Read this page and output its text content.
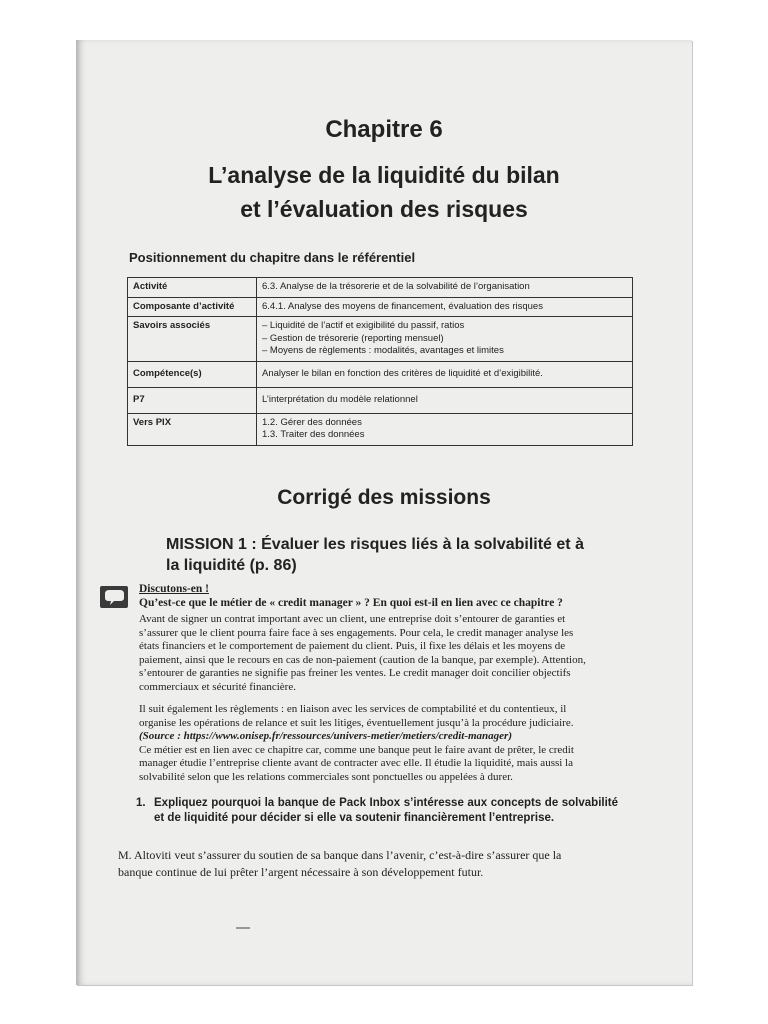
Chapitre 6
L’analyse de la liquidité du bilan
et l’évaluation des risques
Positionnement du chapitre dans le référentiel
Activité	6.3. Analyse de la trésorerie et de la solvabilité de l’organisation

Composante d’activité	6.4.1. Analyse des moyens de financement, évaluation des risques

Savoirs associés	– Liquidité de l’actif et exigibilité du passif, ratios
– Gestion de trésorerie (reporting mensuel)
– Moyens de règlements : modalités, avantages et limites

Compétence(s)	Analyser le bilan en fonction des critères de liquidité et d’exigibilité.

P7	L’interprétation du modèle relationnel

Vers PIX	1.2. Gérer des données
1.3. Traiter des données
Corrigé des missions
MISSION 1 : Évaluer les risques liés à la solvabilité et à
la liquidité (p. 86)
Discutons-en !
Qu’est-ce que le métier de « credit manager » ? En quoi est-il en lien avec ce chapitre ?
Avant de signer un contrat important avec un client, une entreprise doit s’entourer de garanties et
s’assurer que le client pourra faire face à ses engagements. Pour cela, le credit manager analyse les
états financiers et le comportement de paiement du client. Puis, il fixe les délais et les moyens de
paiement, ainsi que le recours en cas de non-paiement (caution de la banque, par exemple). Attention,
s’entourer de garanties ne signifie pas freiner les ventes. Le credit manager doit concilier objectifs
commerciaux et sécurité financière.
Il suit également les règlements : en liaison avec les services de comptabilité et du contentieux, il
organise les opérations de relance et suit les litiges, éventuellement jusqu’à la procédure judiciaire.
(Source : https://www.onisep.fr/ressources/univers-metier/metiers/credit-manager)
Ce métier est en lien avec ce chapitre car, comme une banque peut le faire avant de prêter, le credit
manager étudie l’entreprise cliente avant de contracter avec elle. Il étudie la liquidité, mais aussi la
solvabilité selon que les relations commerciales sont ponctuelles ou appelées à durer.
1. Expliquez pourquoi la banque de Pack Inbox s’intéresse aux concepts de solvabilité et de liquidité pour décider si elle va soutenir financièrement l’entreprise.
M. Altoviti veut s’assurer du soutien de sa banque dans l’avenir, c’est-à-dire s’assurer que la
banque continue de lui prêter l’argent nécessaire à son développement futur.
